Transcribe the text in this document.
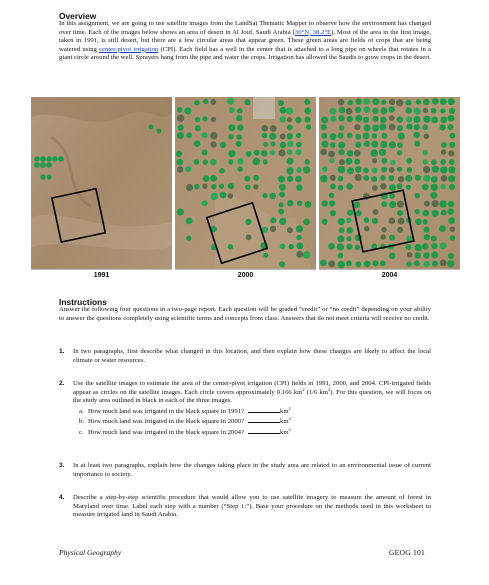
Overview
In this assignment, we are going to use satellite images from the LandSat Thematic Mapper to observe how the environment has changed over time. Each of the images below shows an area of desert in Al Jouf, Saudi Arabia (30°N, 38.2°E). Most of the area in the first image, taken in 1991, is still desert, but there are a few circular areas that appear green. These green areas are fields of crops that are being watered using center-pivot irrigation (CPI). Each field has a well in the center that is attached to a long pipe on wheels that rotates in a giant circle around the well. Sprayers hang from the pipe and water the crops. Irrigation has allowed the Saudis to grow crops in the desert.
1991	2000	2004
Instructions
Answer the following four questions in a two-page report. Each question will be graded “credit” or “no credit” depending on your ability to answer the questions completely using scientific terms and concepts from class. Answers that do not meet criteria will receive no credit.
1. In two paragraphs, first describe what changed in this location, and then explain how these changes are likely to affect the local climate or water resources.
2. Use the satellite images to estimate the area of the center-pivot irrigation (CPI) fields in 1991, 2000, and 2004. CPI-irrigated fields appear as circles on the satellite images. Each circle covers approximately 0.166 $km^2$ (1/6 $km^2$). For this question, we will focus on the study area outlined in black in each of the three images.
a. How much land was irrigated in the black square in 1991?	$km^2$
b. How much land was irrigated in the black square in 2000?	$km^2$
c. How much land was irrigated in the black square in 2004?	$km^2$
3. In at least two paragraphs, explain how the changes taking place in the study area are related to an environmental issue of current importance to society.
4. Describe a step-by-step scientific procedure that would allow you to use satellite imagery to measure the amount of forest in Maryland over time. Label each step with a number (“Step 1:”). Base your procedure on the methods used in this worksheet to measure irrigated land in Saudi Arabia.
Physical Geography	GEOG 101
